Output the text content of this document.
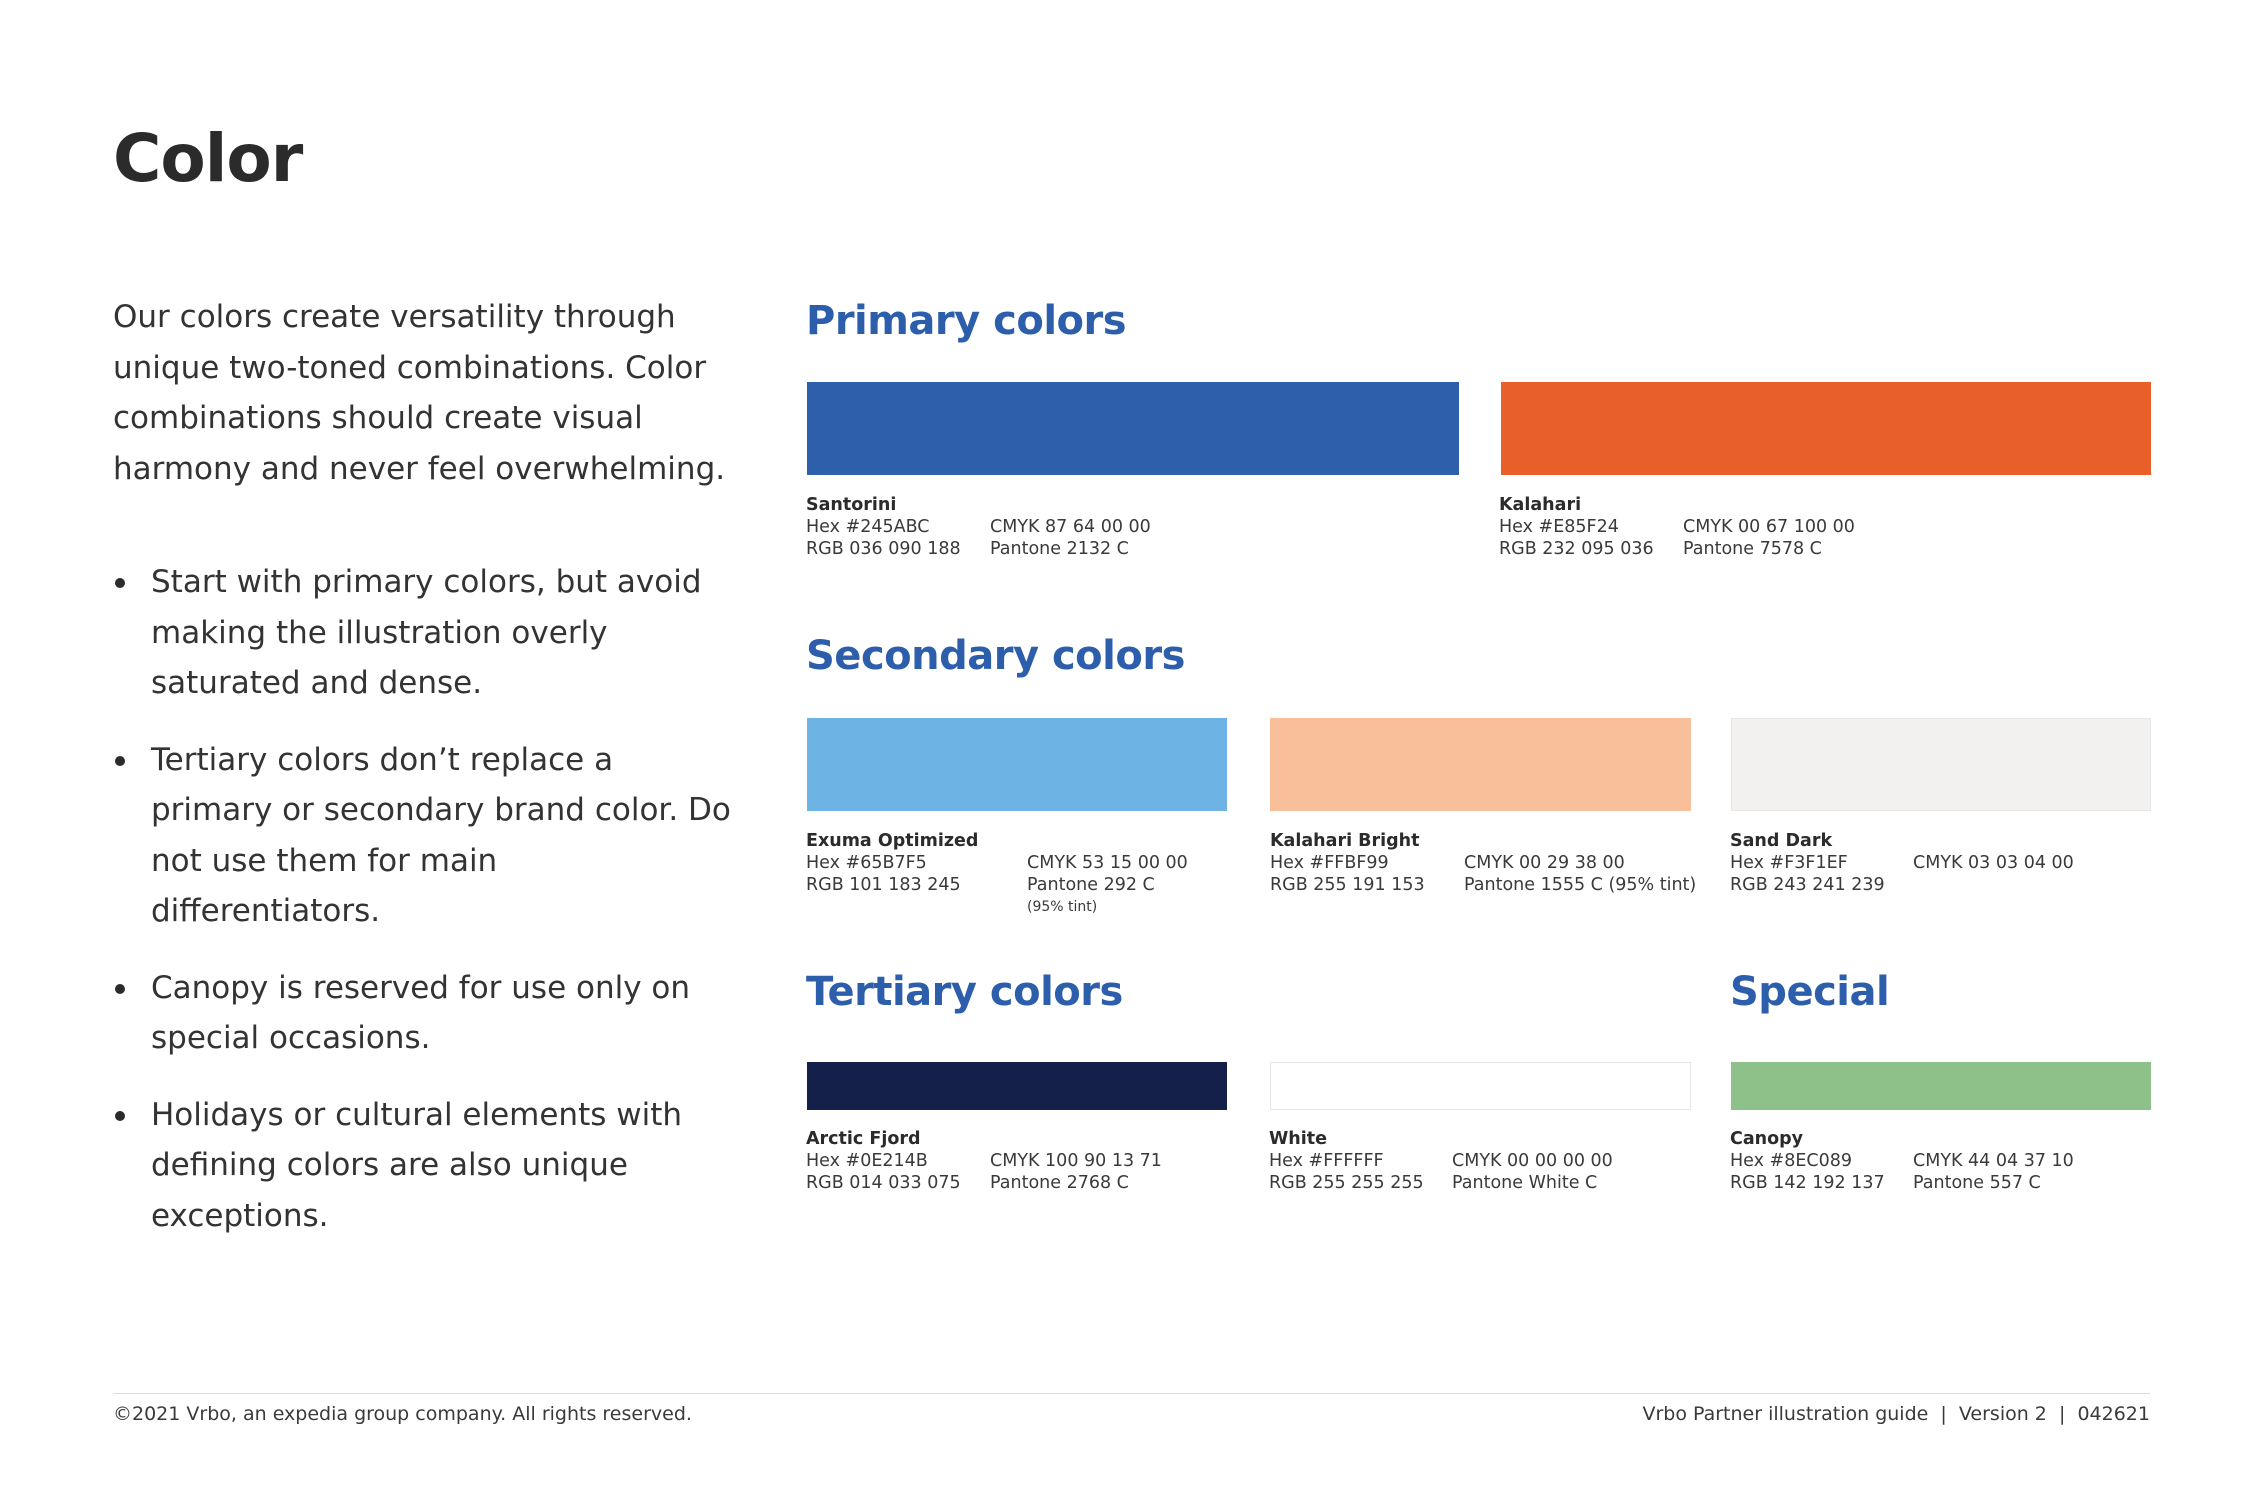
Color

Our colors create versatility through unique two-toned combinations. Color combinations should create visual harmony and never feel overwhelming.

Start with primary colors, but avoid making the illustration overly saturated and dense.
Tertiary colors don’t replace a primary or secondary brand color. Do not use them for main differentiators.
Canopy is reserved for use only on special occasions.
Holidays or cultural elements with defining colors are also unique exceptions.
Primary colors
Santorini
Hex #245ABC
RGB 036 090 188
CMYK 87 64 00 00
Pantone 2132 C
Kalahari
Hex #E85F24
RGB 232 095 036
CMYK 00 67 100 00
Pantone 7578 C
Secondary colors
Exuma Optimized
Hex #65B7F5
RGB 101 183 245
CMYK 53 15 00 00
Pantone 292 C
(95% tint)
Kalahari Bright
Hex #FFBF99
RGB 255 191 153
CMYK 00 29 38 00
Pantone 1555 C (95% tint)
Sand Dark
Hex #F3F1EF
RGB 243 241 239
CMYK 03 03 04 00
Tertiary colors
Arctic Fjord
Hex #0E214B
RGB 014 033 075
CMYK 100 90 13 71
Pantone 2768 C
White
Hex #FFFFFF
RGB 255 255 255
CMYK 00 00 00 00
Pantone White C
Special
Canopy
Hex #8EC089
RGB 142 192 137
CMYK 44 04 37 10
Pantone 557 C
©2021 Vrbo, an expedia group company. All rights reserved.	Vrbo Partner illustration guide  |  Version 2  |  042621
